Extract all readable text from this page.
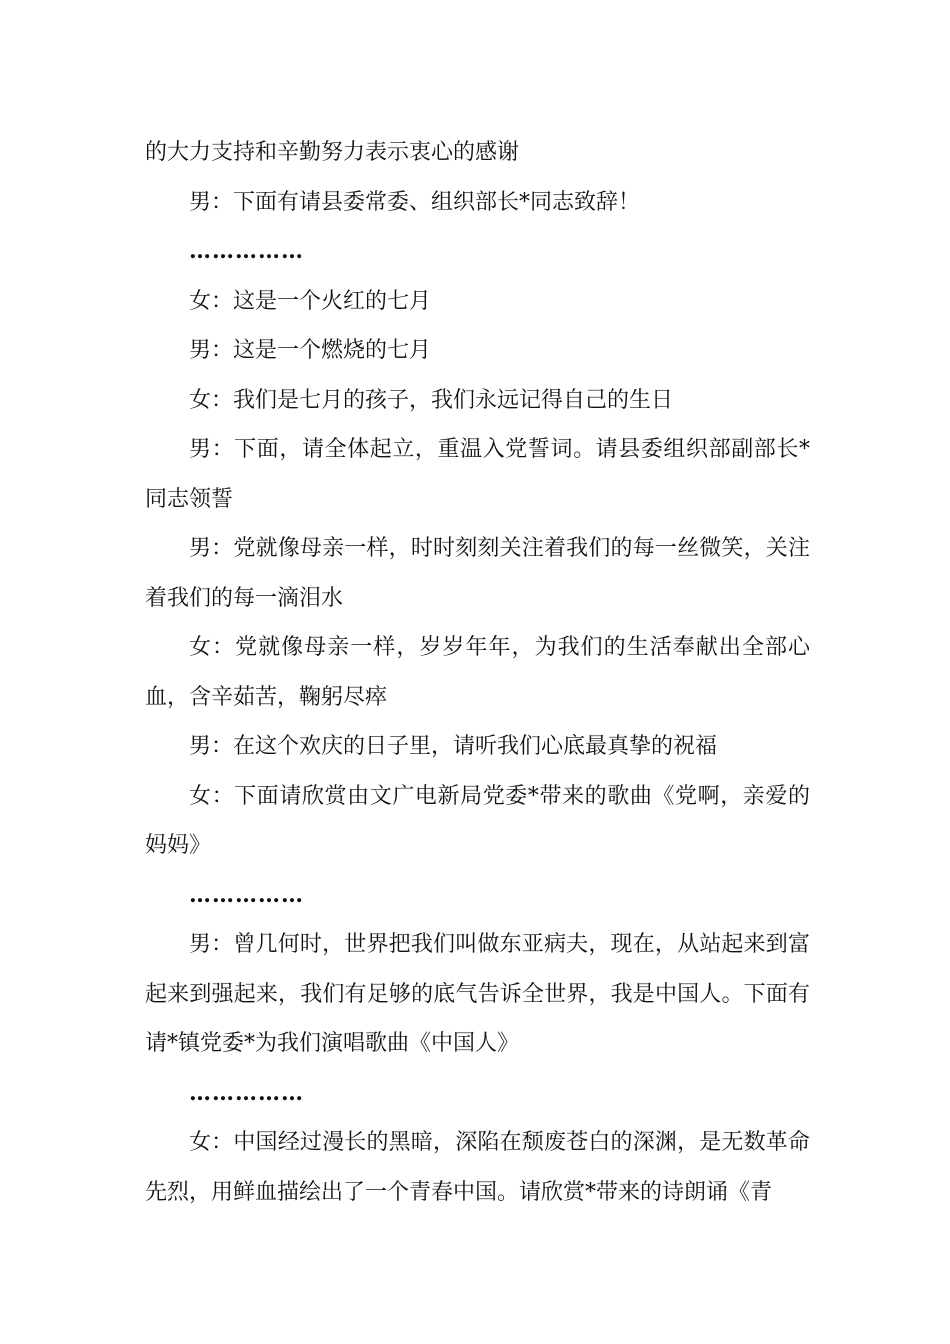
的大力支持和辛勤努力表示衷心的感谢

男：下面有请县委常委、组织部长*同志致辞！

……………

女：这是一个火红的七月

男：这是一个燃烧的七月

女：我们是七月的孩子，我们永远记得自己的生日

男：下面，请全体起立，重温入党誓词。请县委组织部副部长*同志领誓

男：党就像母亲一样，时时刻刻关注着我们的每一丝微笑，关注着我们的每一滴泪水

女：党就像母亲一样，岁岁年年，为我们的生活奉献出全部心血，含辛茹苦，鞠躬尽瘁

男：在这个欢庆的日子里，请听我们心底最真挚的祝福

女：下面请欣赏由文广电新局党委*带来的歌曲《党啊，亲爱的妈妈》

……………

男：曾几何时，世界把我们叫做东亚病夫，现在，从站起来到富起来到强起来，我们有足够的底气告诉全世界，我是中国人。下面有请*镇党委*为我们演唱歌曲《中国人》

……………

女：中国经过漫长的黑暗，深陷在颓废苍白的深渊，是无数革命先烈，用鲜血描绘出了一个青春中国。请欣赏*带来的诗朗诵《青
